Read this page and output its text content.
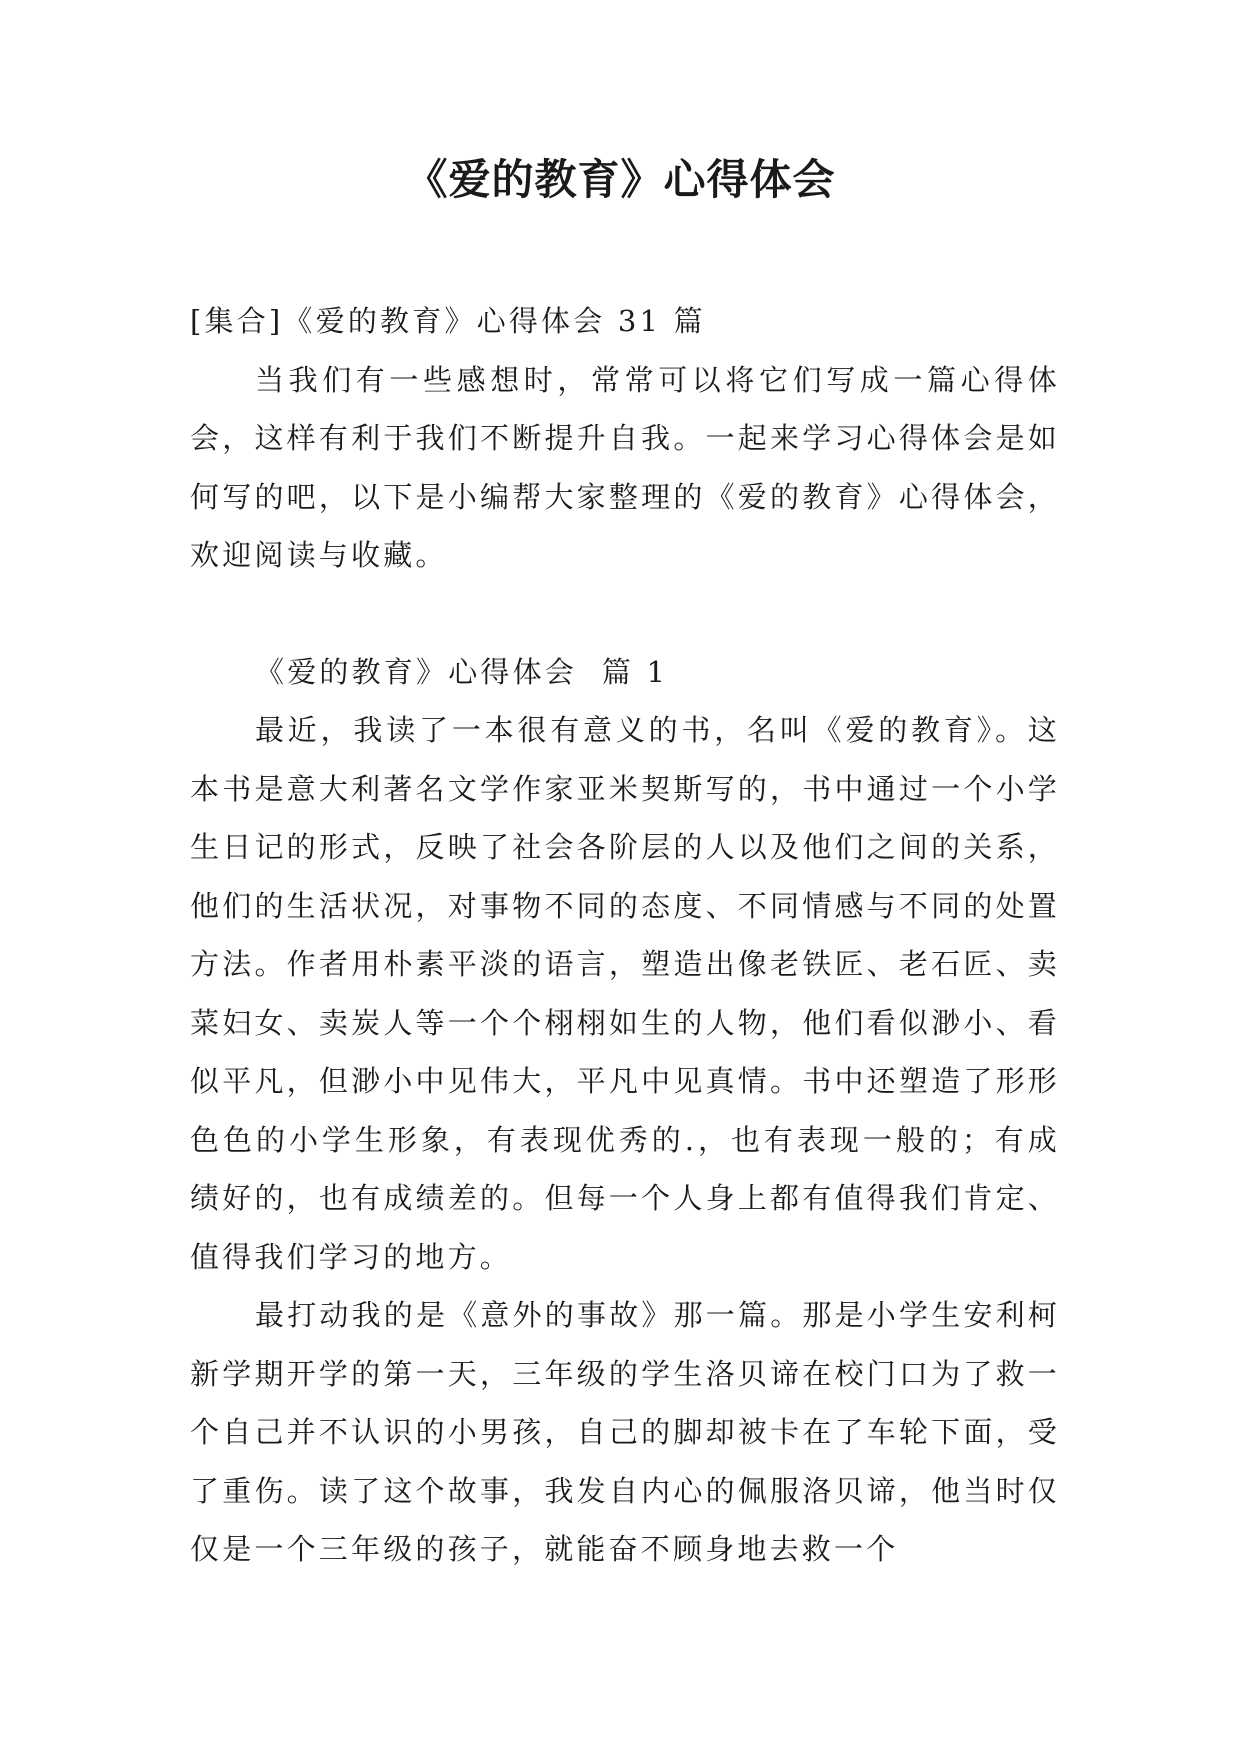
《爱的教育》心得体会

[集合]《爱的教育》心得体会 31 篇

当我们有一些感想时，常常可以将它们写成一篇心得体会，这样有利于我们不断提升自我。一起来学习心得体会是如何写的吧，以下是小编帮大家整理的《爱的教育》心得体会，欢迎阅读与收藏。

《爱的教育》心得体会  篇 1

最近，我读了一本很有意义的书，名叫《爱的教育》。这本书是意大利著名文学作家亚米契斯写的，书中通过一个小学生日记的形式，反映了社会各阶层的人以及他们之间的关系，他们的生活状况，对事物不同的态度、不同情感与不同的处置方法。作者用朴素平淡的语言，塑造出像老铁匠、老石匠、卖菜妇女、卖炭人等一个个栩栩如生的人物，他们看似渺小、看似平凡，但渺小中见伟大，平凡中见真情。书中还塑造了形形色色的小学生形象，有表现优秀的.，也有表现一般的；有成绩好的，也有成绩差的。但每一个人身上都有值得我们肯定、值得我们学习的地方。

最打动我的是《意外的事故》那一篇。那是小学生安利柯新学期开学的第一天，三年级的学生洛贝谛在校门口为了救一个自己并不认识的小男孩，自己的脚却被卡在了车轮下面，受了重伤。读了这个故事，我发自内心的佩服洛贝谛，他当时仅仅是一个三年级的孩子，就能奋不顾身地去救一个
